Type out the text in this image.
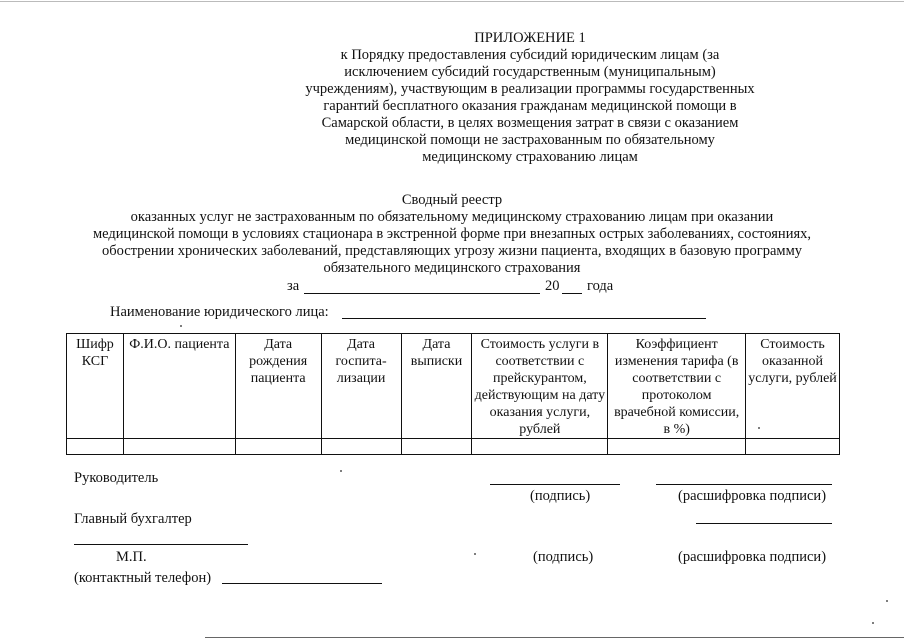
ПРИЛОЖЕНИЕ 1
к Порядку предоставления субсидий юридическим лицам (за
исключением субсидий государственным (муниципальным)
учреждениям), участвующим в реализации программы государственных
гарантий бесплатного оказания гражданам медицинской помощи в
Самарской области, в целях возмещения затрат в связи с оказанием
медицинской помощи не застрахованным по обязательному
медицинскому страхованию лицам
Сводный реестр
оказанных услуг не застрахованным по обязательному медицинскому страхованию лицам при оказании
медицинской помощи в условиях стационара в экстренной форме при внезапных острых заболеваниях, состояниях,
обострении хронических заболеваний, представляющих угрозу жизни пациента, входящих в базовую программу
обязательного медицинского страхования
за	20 года
Наименование юридического лица:
Шифр КСГ	Ф.И.О. пациента	Дата рождения пациента	Дата госпита-лизации	Дата выписки	Стоимость услуги в соответствии с прейскурантом, действующим на дату оказания услуги, рублей	Коэффициент изменения тарифа (в соответствии с протоколом врачебной комиссии, в %)	Стоимость оказанной услуги, рублей

Руководитель
(подпись)	(расшифровка подписи)
Главный бухгалтер
М.П.	(подпись)	(расшифровка подписи)
(контактный телефон)
